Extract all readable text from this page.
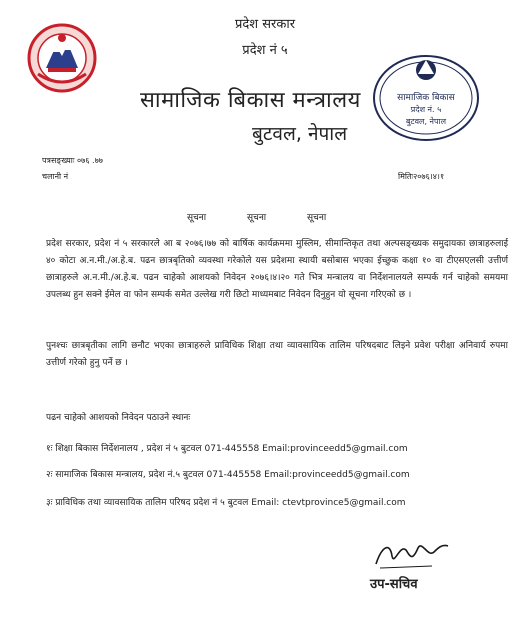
प्रदेश सरकार
प्रदेश नं ५
सामाजिक बिकास मन्त्रालय
बुटवल, नेपाल
सामाजिक बिकास
प्रदेश नं. ५
बुटवल, नेपाल
पत्रसङ्ख्याः ०७६ .७७
चलानी नं	मितिः२०७६।४।१
सूचना	सूचना	सूचना
प्रदेश सरकार, प्रदेश नं ५ सरकारले आ ब २०७६।७७ को बार्षिक कार्यक्रममा मुस्लिम, सीमान्तिकृत तथा अल्पसङ्ख्यक समुदायका छात्राहरुलाई ४० कोटा अ.न.मी./अ.हे.ब. पढन छात्रबृतिको व्यवस्था गरेकोले यस प्रदेशमा स्थायी बसोबास भएका ईच्छुक कक्षा १० वा टीएसएलसी उत्तीर्ण छात्राहरुले अ.न.मी./अ.हे.ब. पढन चाहेको आशयको निवेदन २०७६।४।२० गते भित्र मन्त्रालय वा निर्देशनालयले सम्पर्क गर्न चाहेको समयमा उपलब्ध हुन सक्ने ईमेल वा फोन सम्पर्क समेत उल्लेख गरी छिटो माध्यमबाट निवेदन दिनुहुन यो सूचना गरिएको छ ।
पुनश्चः छात्रबृतीका लागि छनौट भएका छात्राहरुले प्राविधिक शिक्षा तथा व्यावसायिक तालिम परिषदबाट लिइने प्रवेश परीक्षा अनिवार्य रुपमा उत्तीर्ण गरेको हुनु पर्ने छ ।
पढन चाहेको आशयको निवेदन पठाउने स्थानः
१ः शिक्षा बिकास निर्देशनालय , प्रदेश नं ५ बुटवल 071-445558 Email:provinceedd5@gmail.com
२ः सामाजिक बिकास मन्त्रालय, प्रदेश नं.५ बुटवल 071-445558 Email:provinceedd5@gmail.com
३ः प्राविधिक तथा व्यावसायिक तालिम परिषद प्रदेश नं ५ बुटवल Email: ctevtprovince5@gmail.com
उप-सचिव
